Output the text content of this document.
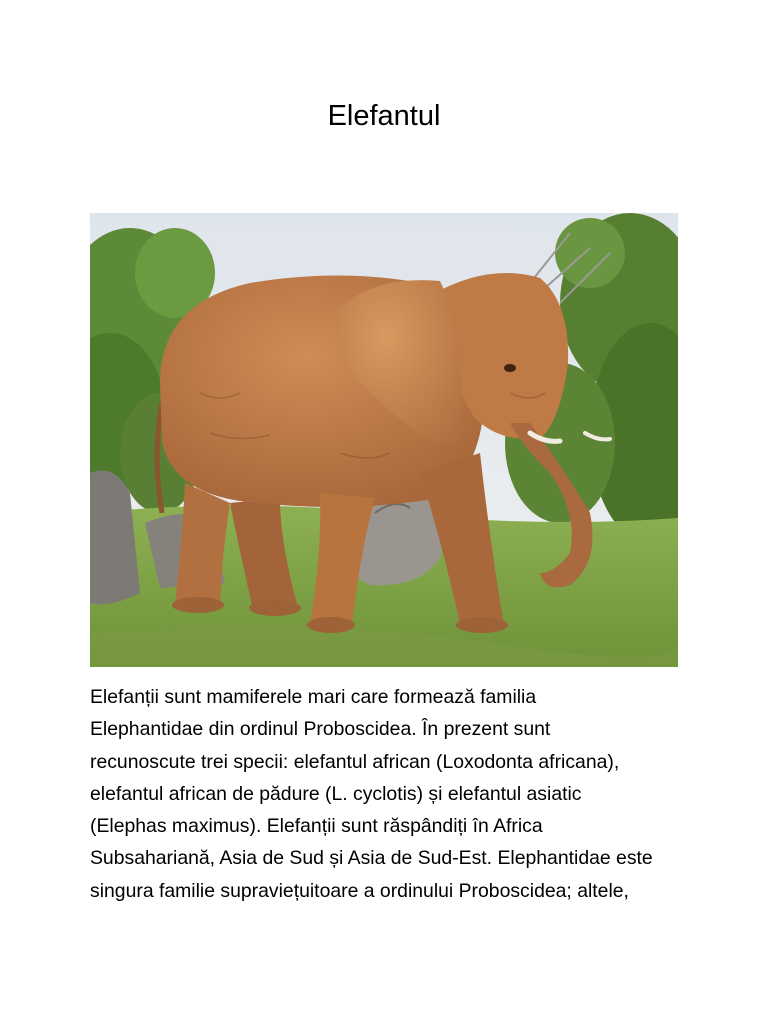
Elefantul
Elefanții sunt mamiferele mari care formează familia
Elephantidae din ordinul Proboscidea. În prezent sunt
recunoscute trei specii: elefantul african (Loxodonta africana),
elefantul african de pădure (L. cyclotis) și elefantul asiatic
(Elephas maximus). Elefanții sunt răspândiți în Africa
Subsahariană, Asia de Sud și Asia de Sud-Est. Elephantidae este
singura familie supraviețuitoare a ordinului Proboscidea; altele,
